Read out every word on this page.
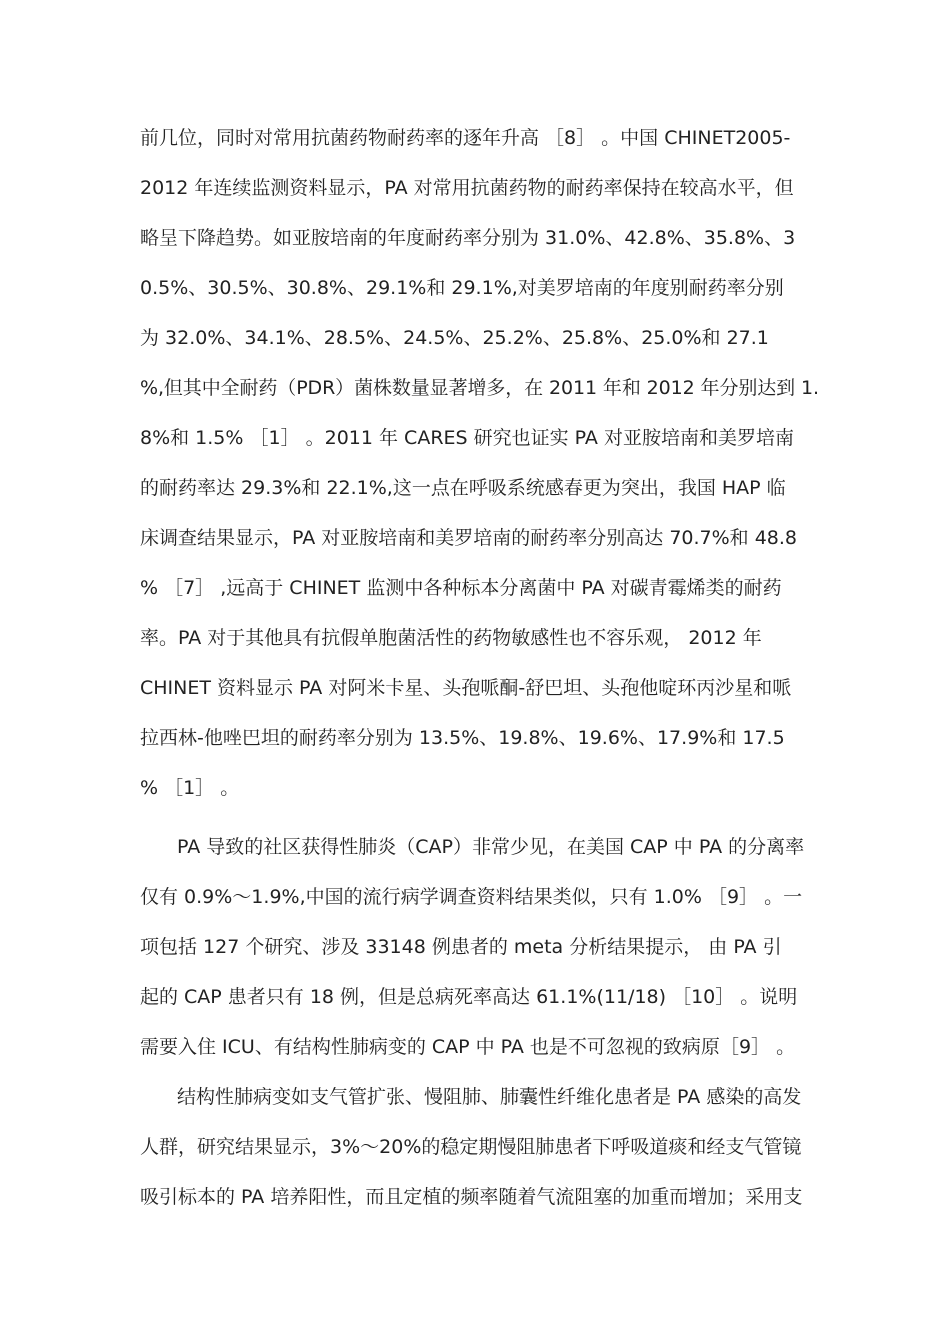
前几位，同时对常用抗菌药物耐药率的逐年升高 ［8］ 。中国 CHINET2005-
2012 年连续监测资料显示，PA 对常用抗菌药物的耐药率保持在较高水平，但
略呈下降趋势。如亚胺培南的年度耐药率分别为 31.0%、42.8%、35.8%、3
0.5%、30.5%、30.8%、29.1%和 29.1%,对美罗培南的年度别耐药率分别
为 32.0%、34.1%、28.5%、24.5%、25.2%、25.8%、25.0%和 27.1
%,但其中全耐药（PDR）菌株数量显著增多，在 2011 年和 2012 年分别达到 1.
8%和 1.5% ［1］ 。2011 年 CARES 研究也证实 PA 对亚胺培南和美罗培南
的耐药率达 29.3%和 22.1%,这一点在呼吸系统感春更为突出，我国 HAP 临
床调查结果显示，PA 对亚胺培南和美罗培南的耐药率分别高达 70.7%和 48.8
% ［7］ ,远高于 CHINET 监测中各种标本分离菌中 PA 对碳青霉烯类的耐药
率。PA 对于其他具有抗假单胞菌活性的药物敏感性也不容乐观， 2012 年
CHINET 资料显示 PA 对阿米卡星、头孢哌酮-舒巴坦、头孢他啶环丙沙星和哌
拉西林-他唑巴坦的耐药率分别为 13.5%、19.8%、19.6%、17.9%和 17.5
% ［1］ 。
PA 导致的社区获得性肺炎（CAP）非常少见，在美国 CAP 中 PA 的分离率
仅有 0.9%～1.9%,中国的流行病学调查资料结果类似，只有 1.0% ［9］ 。一
项包括 127 个研究、涉及 33148 例患者的 meta 分析结果提示， 由 PA 引
起的 CAP 患者只有 18 例，但是总病死率高达 61.1%(11/18) ［10］ 。说明
需要入住 ICU、有结构性肺病变的 CAP 中 PA 也是不可忽视的致病原［9］ 。
结构性肺病变如支气管扩张、慢阻肺、肺囊性纤维化患者是 PA 感染的高发
人群，研究结果显示，3%～20%的稳定期慢阻肺患者下呼吸道痰和经支气管镜
吸引标本的 PA 培养阳性，而且定植的频率随着气流阻塞的加重而增加；采用支
